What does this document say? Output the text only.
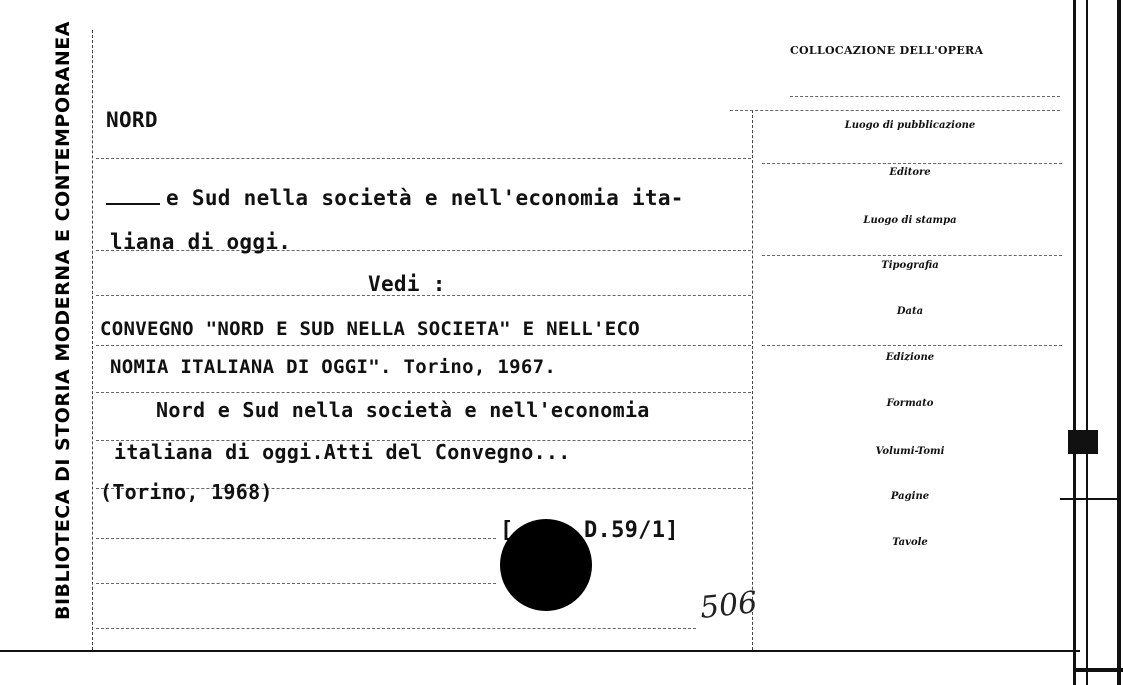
BIBLIOTECA DI STORIA MODERNA E CONTEMPORANEA	COLLOCAZIONE DELL'OPERA
Luogo di pubblicazione
Editore
Luogo di stampa
Tipografia
Data
Edizione
Formato
Volumi-Tomi
Pagine
Tavole
NORD
e Sud nella società e nell'economia ita-
liana di oggi.
Vedi :
CONVEGNO "NORD E SUD NELLA SOCIETA" E NELL'ECO
NOMIA ITALIANA DI OGGI". Torino, 1967.
Nord e Sud nella società e nell'economia
italiana di oggi.Atti del Convegno...
(Torino, 1968)
[	D.59/1]
506
